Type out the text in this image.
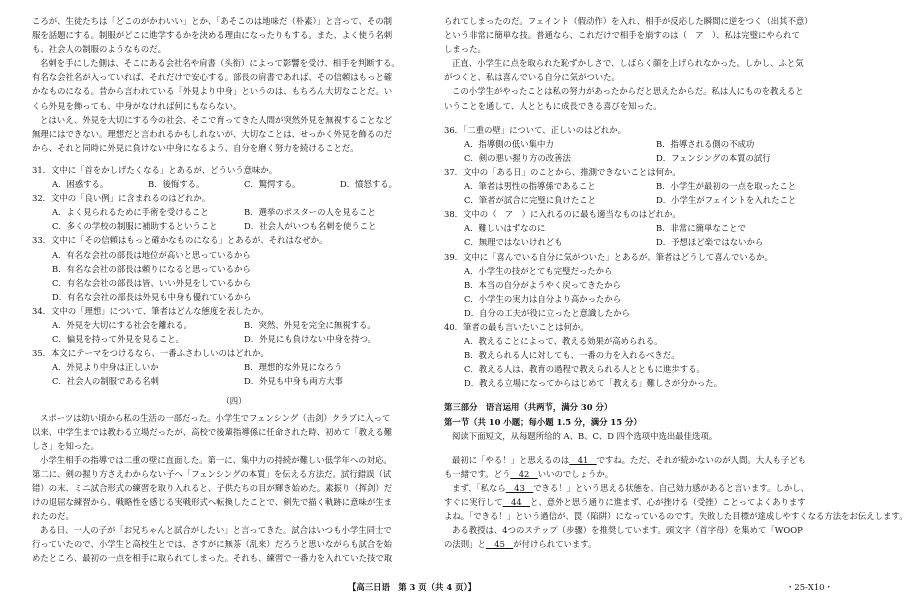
ころが、生徒たちは「どこのがかわいい」とか、「あそこのは地味だ（朴素）」と言って、その制

服を話題にする。制服がどこに進学するかを決める理由になったりもする。また、よく使う名刺

も、社会人の制服のようなものだ。

名刺を手にした側は、そこにある会社名や肩書（头衔）によって影響を受け、相手を判断する。

有名な会社名が入っていれば、それだけで安心する。部長の肩書であれば、その信頼はもっと確

かなものになる。昔から言われている「外見より中身」というのは、もちろん大切なことだ。い

くら外見を飾っても、中身がなければ何にもならない。

とはいえ、外見を大切にする今の社会、そこで育ってきた人間が突然外見を無視することなど

無理にはできない。理想だと言われるかもしれないが、大切なことは、せっかく外見を飾るのだ

から、それと同時に外見に負けない中身になるよう、自分を磨く努力を続けることだ。

31．文中に「首をかしげたくなる」とあるが、どういう意味か。

A．困惑する。	B．後悔する。	C．驚愕する。	D．憤怒する。

32．文中の「良い例」に含まれるのはどれか。

A．よく見られるために手術を受けること	B．選挙のポスターの人を見ること
C．多くの学校の制服に補助するということ	D．社会人がいつも名刺を使うこと

33．文中に「その信頼はもっと確かなものになる」とあるが、それはなぜか。

A．有名な会社の部長は地位が高いと思っているから
B．有名な会社の部長は頼りになると思っているから
C．有名な会社の部長は皆、いい外見をしているから
D．有名な会社の部長は外見も中身も優れているから

34．文中の「理想」について、筆者はどんな態度を表したか。

A．外見を大切にする社会を離れる。	B．突然、外見を完全に無視する。
C．偏見を持って外見を見ること。	D．外見にも負けない中身を持つ。

35．本文にテーマをつけるなら、一番ふさわしいのはどれか。

A．外見より中身は正しいか	B．理想的な外見になろう
C．社会人の制服である名刺	D．外見も中身も両方大事

（四）

スポーツは幼い頃から私の生活の一部だった。小学生でフェンシング（击剑）クラブに入って

以来、中学生までは教わる立場だったが、高校で後輩指導係に任命された時、初めて「教える難

しさ」を知った。

小学生相手の指導では二重の壁に直面した。第一に、集中力の持続が難しい低学年への対応。

第二に、剣の握り方さえわからない子へ「フェンシングの本質」を伝える方法だ。試行錯誤（试

错）の末、ミニ試合形式の練習を取り入れると、子供たちの目が輝き始めた。素振り（挥剑）だ

けの退屈な練習から、戦略性を感じる実戦形式へ転換したことで、剣先で描く軌跡に意味が生ま

れたのだ。

ある日、一人の子が「お兄ちゃんと試合がしたい」と言ってきた。試合はいつも小学生同士で

行っていたので、小学生と高校生とでは、さすがに無茶（乱来）だろうと思いながらも試合を始

めたところ、最初の一点を相手に取られてしまった。それも、練習で一番力を入れていた技で取

られてしまったのだ。フェイント（假动作）を入れ、相手が反応した瞬間に逆をつく（出其不意）

という非常に簡単な技。普通なら、これだけで相手を崩すのは（　ア　）、私は完璧にやられて

しまった。

正直、小学生に点を取られた恥ずかしさで、しばらく顔を上げられなかった。しかし、ふと気

がつくと、私は喜んでいる自分に気がついた。

この小学生がやったことは私の努力があったからだと思えたからだ。私は人にものを教えると

いうことを通して、人とともに成長できる喜びを知った。

36．「二重の壁」について、正しいのはどれか。

A．指導側の低い集中力	B．指導される側の不成功
C．剣の悪い握り方の改善法	D．フェンシングの本質の試行

37．文中の「ある日」のことから、推測できないことは何か。

A．筆者は男性の指導係であること	B．小学生が最初の一点を取ったこと
C．筆者が試合に完璧に負けたこと	D．小学生がフェイントを入れたこと

38．文中の（　ア　）に入れるのに最も適当なものはどれか。

A．難しいはずなのに	B．非常に簡単なことで
C．無理ではないけれども	D．予想ほど楽ではないから

39．文中に「喜んでいる自分に気がついた」とあるが、筆者はどうして喜んでいるか。

A．小学生の技がとても完璧だったから
B．本当の自分がようやく戻ってきたから
C．小学生の実力は自分より高かったから
D．自分の工夫が役に立ったと意識したから

40．筆者の最も言いたいことは何か。

A．教えることによって、教える効果が高められる。
B．教えられる人に対しても、一番の力を入れるべきだ。
C．教える人は、教育の過程で教えられる人とともに進歩する。
D．教える立場になってからはじめて「教える」難しさが分かった。

第三部分　语言运用（共两节，满分 30 分）

第一节（共 10 小题；每小题 1.5 分，满分 15 分）

阅读下面短文，从每题所给的 A、B、C、D 四个选项中选出最佳选项。

最初に「やる！」と思えるのは　41　ですね。ただ、それが続かないのが人間。大人も子ども

も一緒です。どう　42　いいのでしょうか。

まず、「私なら　43　できる！」という思える状態を、自己効力感があると言います。しかし、

すぐに実行して　44　と、意外と思う通りに進まず、心が挫ける（受挫）ことってよくあります

よね。「できる！」という過信が、罠（陷阱）になっているのです。失敗した目標が達成しやすくなる方法をお伝えします。

ある教授は、4つのステップ（步骤）を推奨しています。頭文字（首字母）を集めて「WOOP

の法則」と　45　が付けられています。

【高三日语　第 3 页（共 4 页）】	・25-X10・
